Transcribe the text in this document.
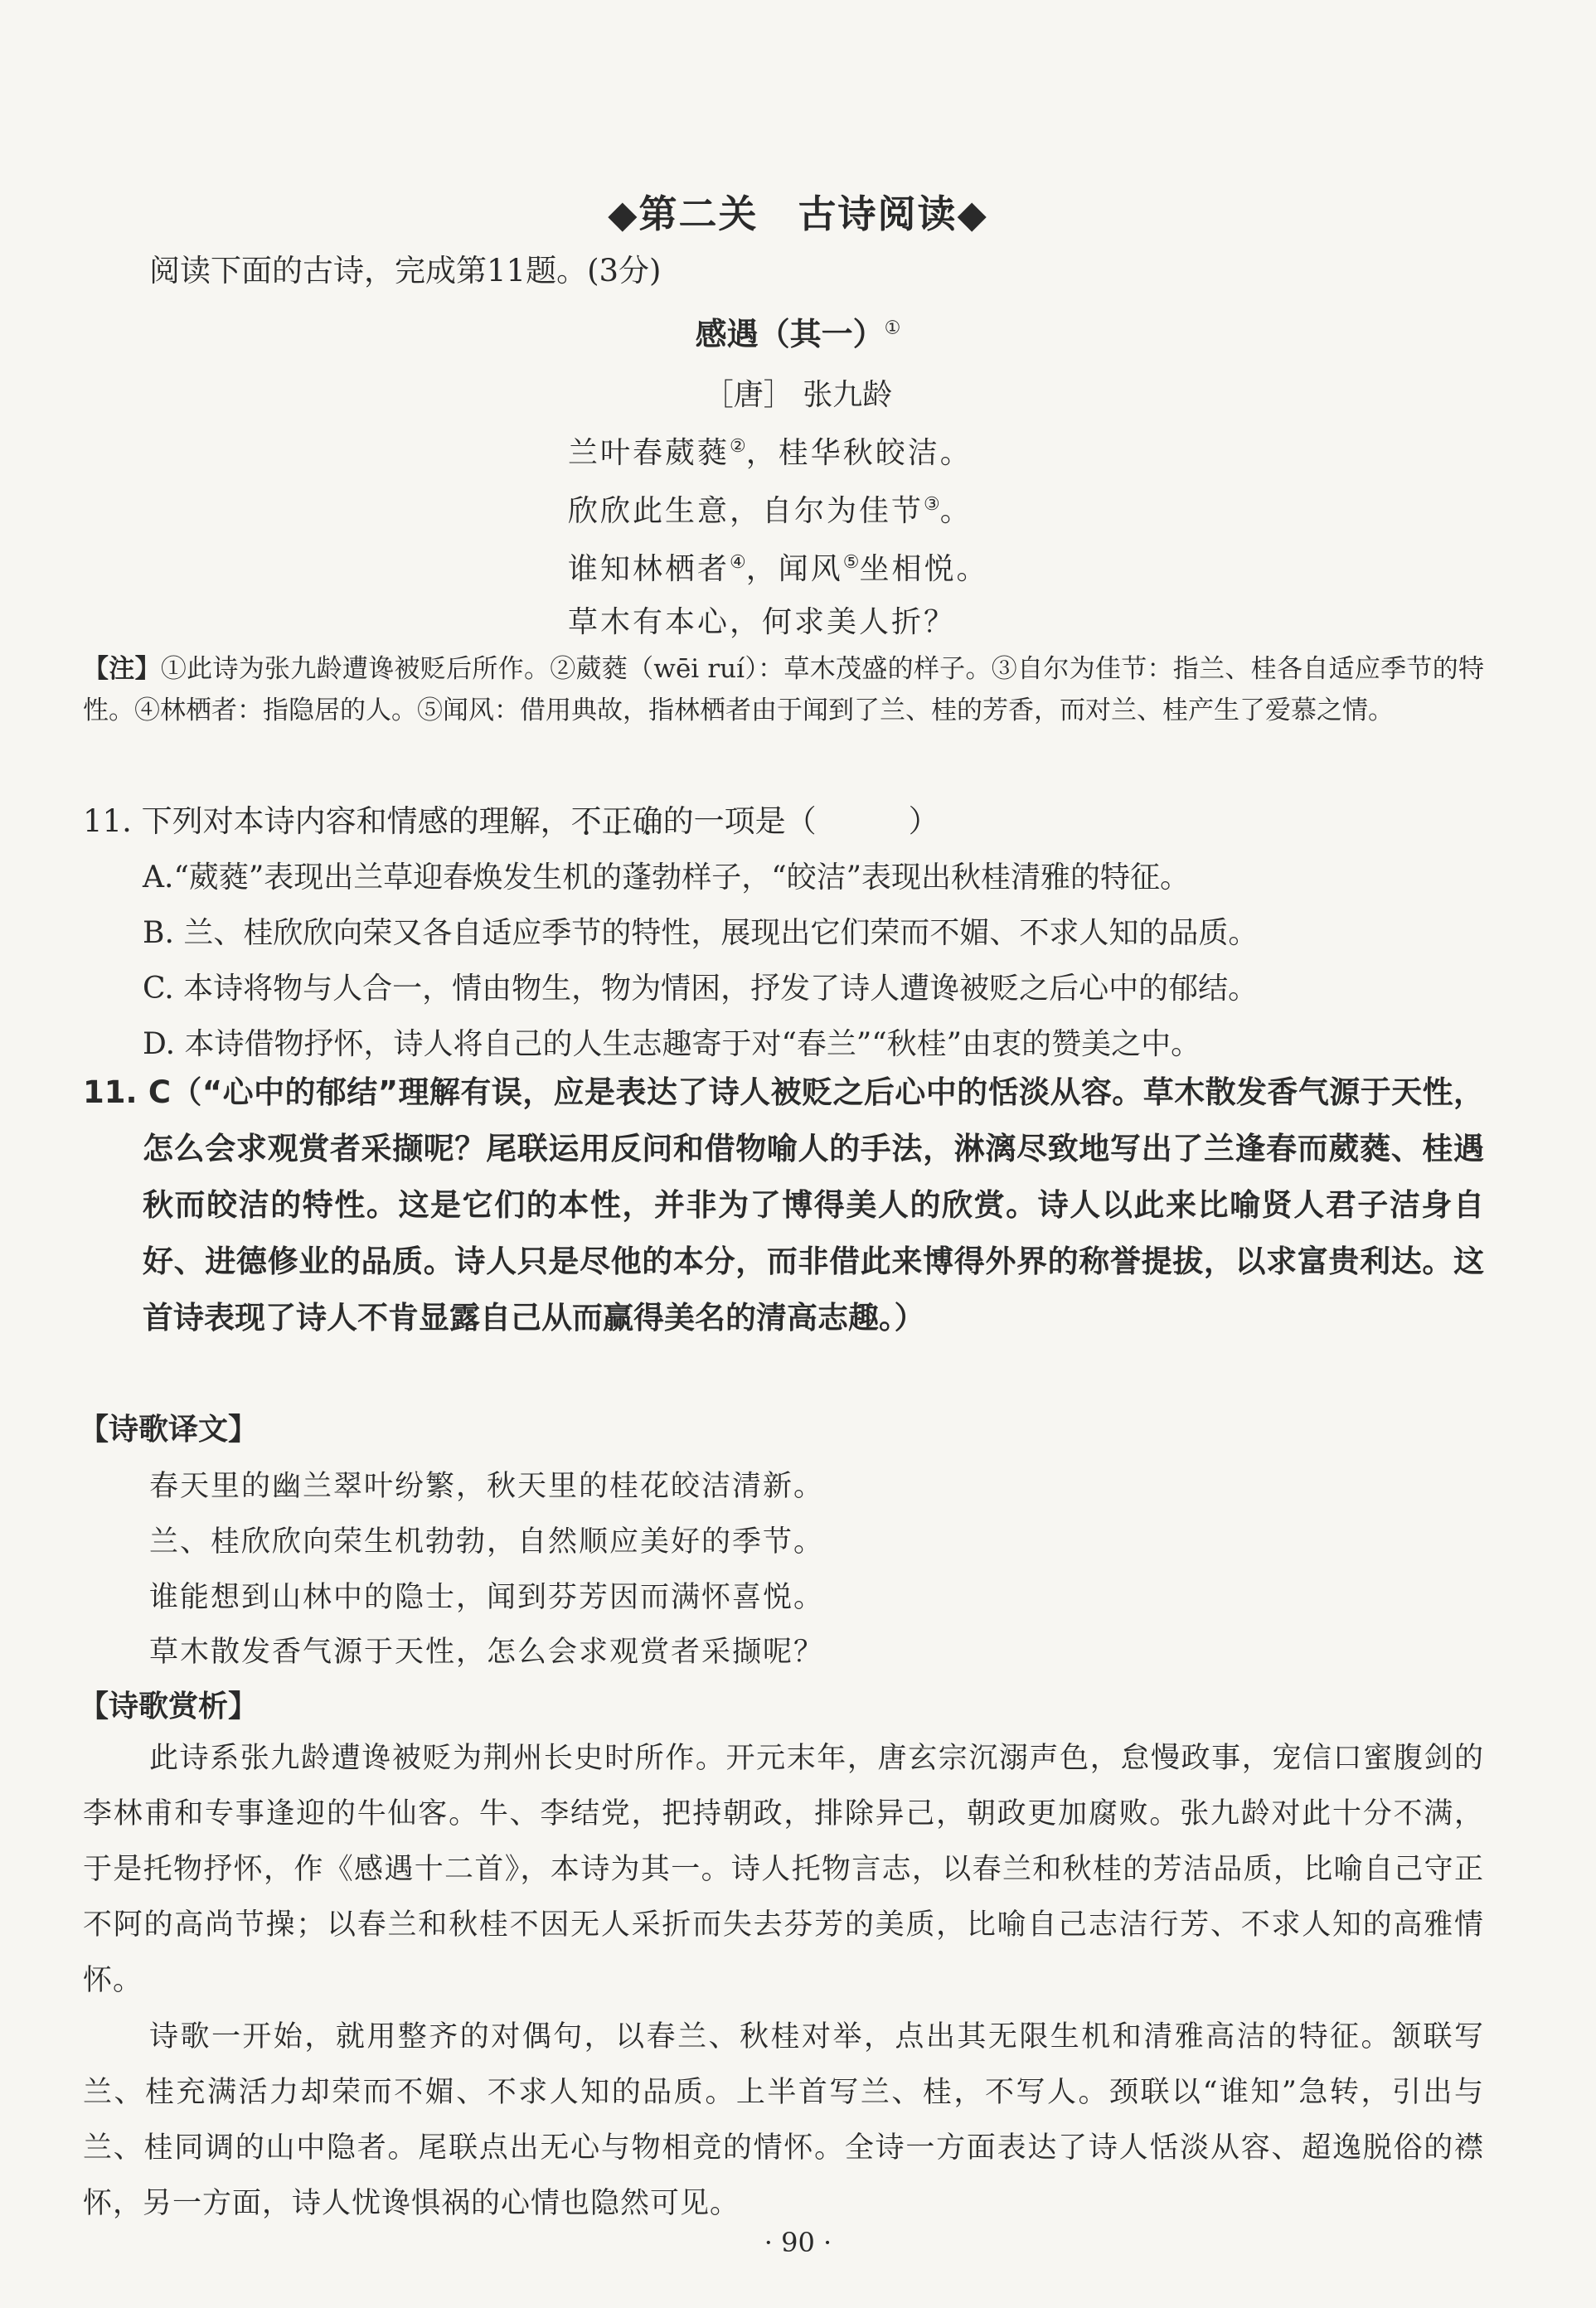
◆第二关　古诗阅读◆
阅读下面的古诗，完成第11题。(3分)
感遇（其一）①
［唐］ 张九龄
兰叶春葳蕤②，桂华秋皎洁。
欣欣此生意，自尔为佳节③。
谁知林栖者④，闻风⑤坐相悦。
草木有本心，何求美人折？
【注】①此诗为张九龄遭谗被贬后所作。②葳蕤（wēi ruí）：草木茂盛的样子。③自尔为佳节：指兰、桂各自适应季节的特性。④林栖者：指隐居的人。⑤闻风：借用典故，指林栖者由于闻到了兰、桂的芳香，而对兰、桂产生了爱慕之情。
11. 下列对本诗内容和情感的理解，不正确的一项是（　　　）
A.“葳蕤”表现出兰草迎春焕发生机的蓬勃样子，“皎洁”表现出秋桂清雅的特征。
B. 兰、桂欣欣向荣又各自适应季节的特性，展现出它们荣而不媚、不求人知的品质。
C. 本诗将物与人合一，情由物生，物为情困，抒发了诗人遭谗被贬之后心中的郁结。
D. 本诗借物抒怀，诗人将自己的人生志趣寄于对“春兰”“秋桂”由衷的赞美之中。
11. C（“心中的郁结”理解有误，应是表达了诗人被贬之后心中的恬淡从容。草木散发香气源于天性，怎么会求观赏者采撷呢？尾联运用反问和借物喻人的手法，淋漓尽致地写出了兰逢春而葳蕤、桂遇秋而皎洁的特性。这是它们的本性，并非为了博得美人的欣赏。诗人以此来比喻贤人君子洁身自好、进德修业的品质。诗人只是尽他的本分，而非借此来博得外界的称誉提拔，以求富贵利达。这首诗表现了诗人不肯显露自己从而赢得美名的清高志趣。）
【诗歌译文】
春天里的幽兰翠叶纷繁，秋天里的桂花皎洁清新。
兰、桂欣欣向荣生机勃勃，自然顺应美好的季节。
谁能想到山林中的隐士，闻到芬芳因而满怀喜悦。
草木散发香气源于天性，怎么会求观赏者采撷呢？
【诗歌赏析】
此诗系张九龄遭谗被贬为荆州长史时所作。开元末年，唐玄宗沉溺声色，怠慢政事，宠信口蜜腹剑的李林甫和专事逢迎的牛仙客。牛、李结党，把持朝政，排除异己，朝政更加腐败。张九龄对此十分不满，于是托物抒怀，作《感遇十二首》，本诗为其一。诗人托物言志，以春兰和秋桂的芳洁品质，比喻自己守正不阿的高尚节操；以春兰和秋桂不因无人采折而失去芬芳的美质，比喻自己志洁行芳、不求人知的高雅情怀。
诗歌一开始，就用整齐的对偶句，以春兰、秋桂对举，点出其无限生机和清雅高洁的特征。颔联写兰、桂充满活力却荣而不媚、不求人知的品质。上半首写兰、桂，不写人。颈联以“谁知”急转，引出与兰、桂同调的山中隐者。尾联点出无心与物相竞的情怀。全诗一方面表达了诗人恬淡从容、超逸脱俗的襟怀，另一方面，诗人忧谗惧祸的心情也隐然可见。
· 90 ·
